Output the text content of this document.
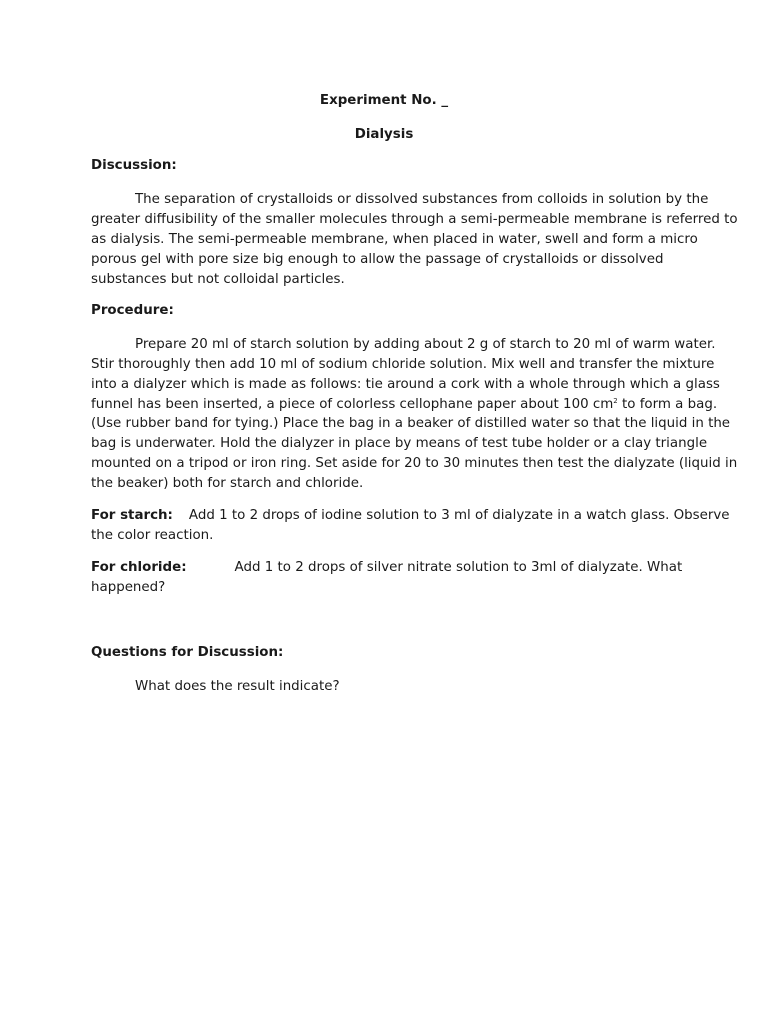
Experiment No. _
Dialysis
Discussion:
The separation of crystalloids or dissolved substances from colloids in solution by the
greater diffusibility of the smaller molecules through a semi-permeable membrane is referred to
as dialysis. The semi-permeable membrane, when placed in water, swell and form a micro
porous gel with pore size big enough to allow the passage of crystalloids or dissolved
substances but not colloidal particles.
Procedure:
Prepare 20 ml of starch solution by adding about 2 g of starch to 20 ml of warm water.
Stir thoroughly then add 10 ml of sodium chloride solution. Mix well and transfer the mixture
into a dialyzer which is made as follows: tie around a cork with a whole through which a glass
funnel has been inserted, a piece of colorless cellophane paper about 100 $cm^2$ to form a bag.
(Use rubber band for tying.) Place the bag in a beaker of distilled water so that the liquid in the
bag is underwater. Hold the dialyzer in place by means of test tube holder or a clay triangle
mounted on a tripod or iron ring. Set aside for 20 to 30 minutes then test the dialyzate (liquid in
the beaker) both for starch and chloride.
For starch: Add 1 to 2 drops of iodine solution to 3 ml of dialyzate in a watch glass. Observe
the color reaction.
For chloride:	Add 1 to 2 drops of silver nitrate solution to 3ml of dialyzate. What
happened?
Questions for Discussion:
What does the result indicate?
